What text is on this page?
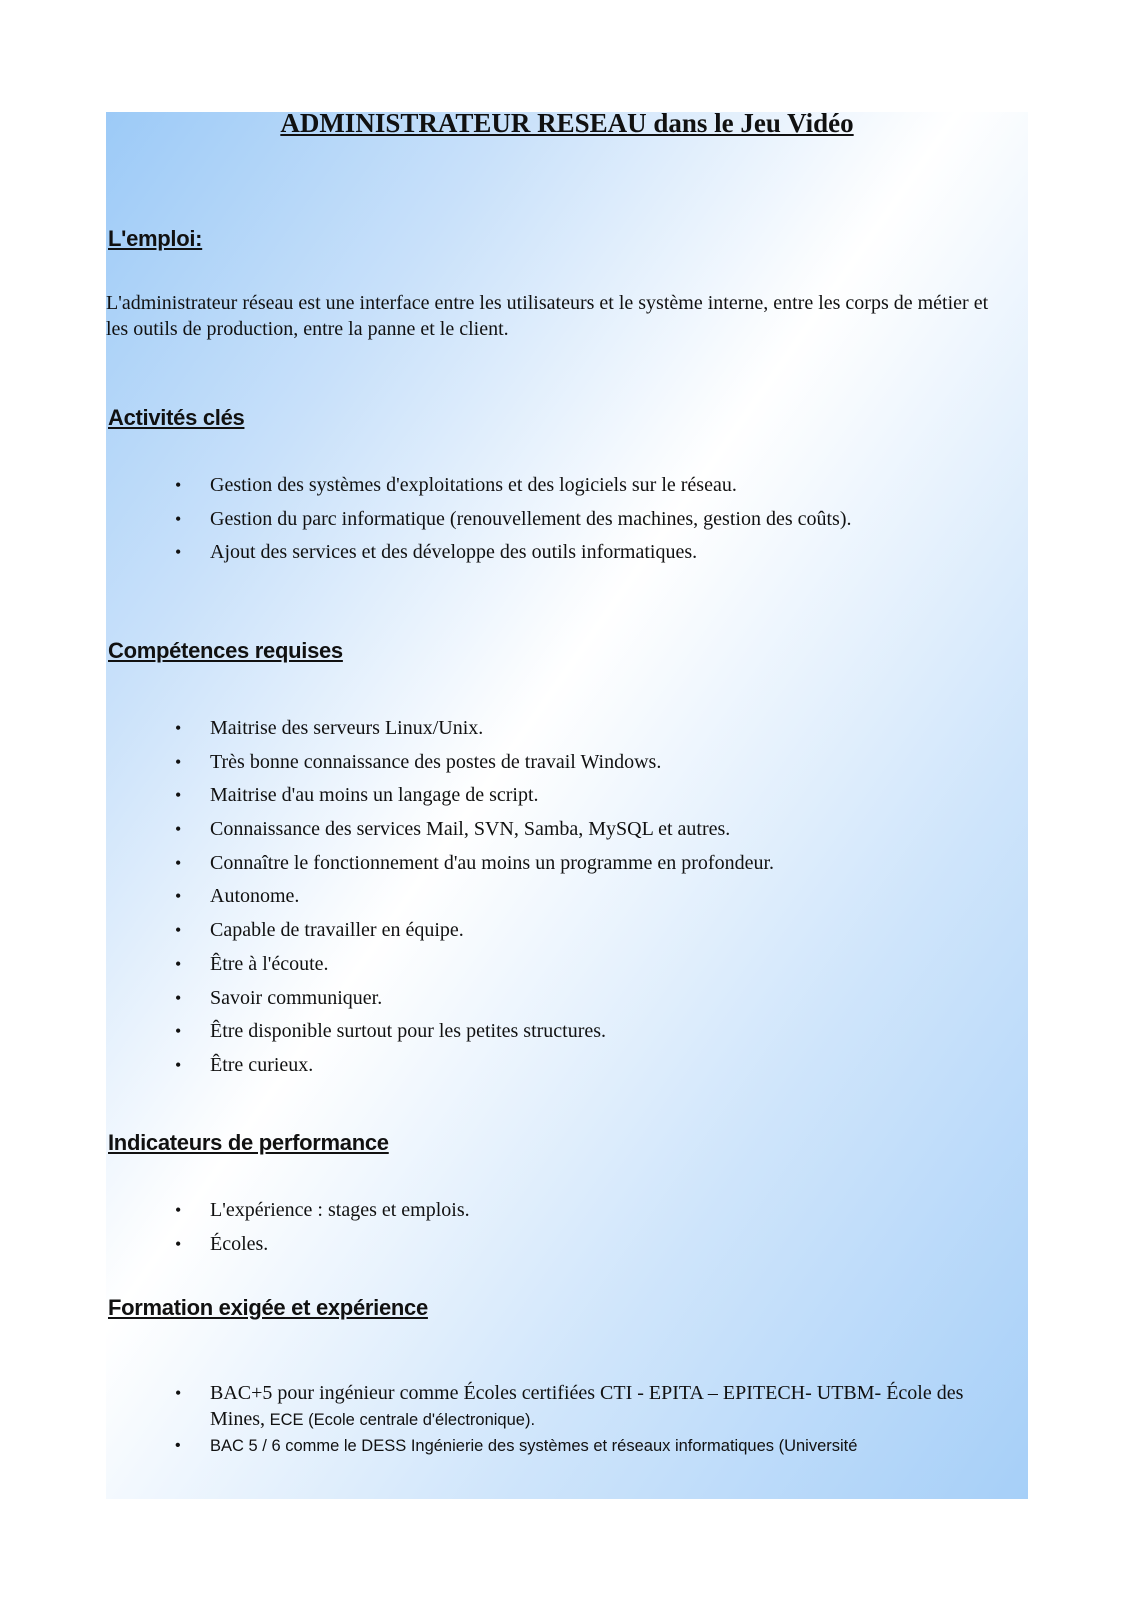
ADMINISTRATEUR RESEAU dans le Jeu Vidéo
L'emploi:

L'administrateur réseau est une interface entre les utilisateurs et le système interne, entre les corps de métier et les outils de production, entre la panne et le client.

Activités clés
• Gestion des systèmes d'exploitations et des logiciels sur le réseau.
• Gestion du parc informatique (renouvellement des machines, gestion des coûts).
• Ajout des services et des développe des outils informatiques.
Compétences requises
• Maitrise des serveurs Linux/Unix.
• Très bonne connaissance des postes de travail Windows.
• Maitrise d'au moins un langage de script.
• Connaissance des services Mail, SVN, Samba, MySQL et autres.
• Connaître le fonctionnement d'au moins un programme en profondeur.
• Autonome.
• Capable de travailler en équipe.
• Être à l'écoute.
• Savoir communiquer.
• Être disponible surtout pour les petites structures.
• Être curieux.
Indicateurs de performance
• L'expérience : stages et emplois.
• Écoles.
Formation exigée et expérience
• BAC+5 pour ingénieur comme Écoles certifiées CTI - EPITA – EPITECH- UTBM- École des Mines, ECE (Ecole centrale d'électronique).
• BAC 5 / 6 comme le DESS Ingénierie des systèmes et réseaux informatiques (Université
